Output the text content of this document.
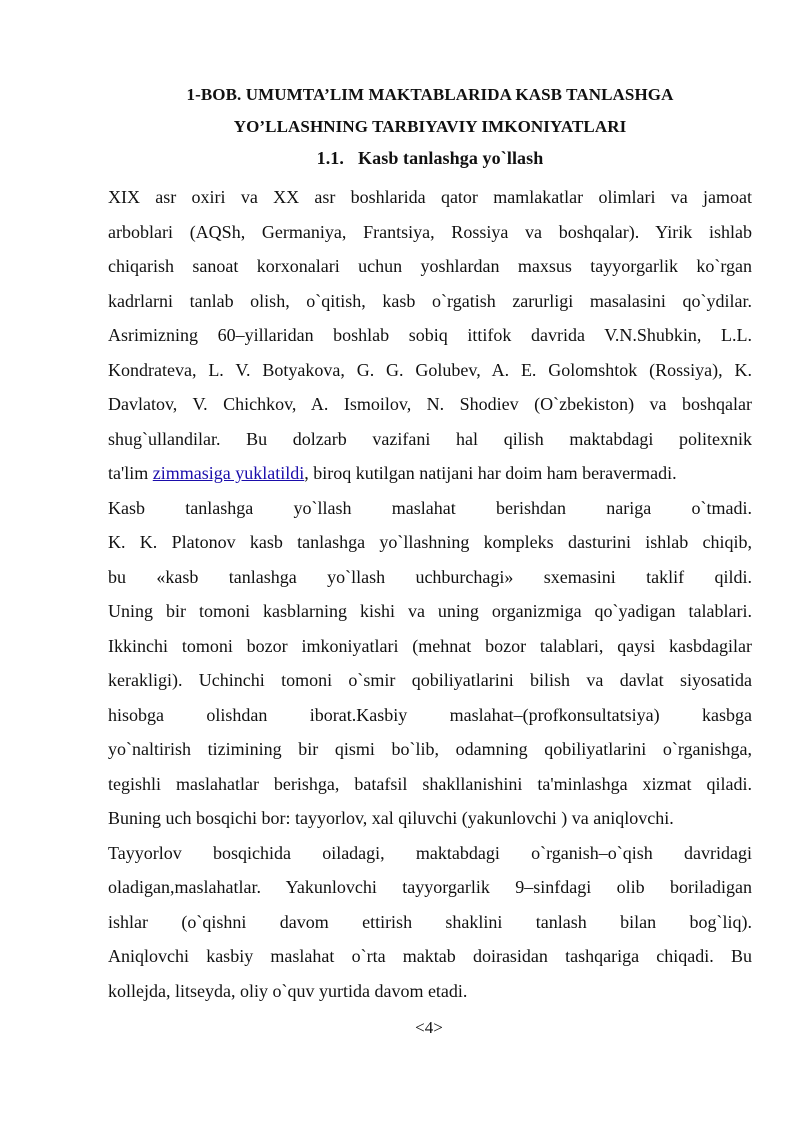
1-BOB. UMUMTA’LIM MAKTABLARIDA KASB TANLASHGA
YO’LLASHNING TARBIYAVIY IMKONIYATLARI
1.1. Kasb tanlashga yo`llash
XIX asr oxiri va XX asr boshlarida qator mamlakatlar olimlari va jamoat
arboblari (AQSh, Germaniya, Frantsiya, Rossiya va boshqalar). Yirik ishlab
chiqarish sanoat korxonalari uchun yoshlardan maxsus tayyorgarlik ko`rgan
kadrlarni tanlab olish, o`qitish, kasb o`rgatish zarurligi masalasini qo`ydilar.
Asrimizning 60–yillaridan boshlab sobiq ittifok davrida V.N.Shubkin, L.L.
Kondrateva, L. V. Botyakova, G. G. Golubev, A. E. Golomshtok (Rossiya), K.
Davlatov, V. Chichkov, A. Ismoilov, N. Shodiev (O`zbekiston) va boshqalar
shug`ullandilar. Bu dolzarb vazifani hal qilish maktabdagi politexnik
ta'lim zimmasiga yuklatildi, biroq kutilgan natijani har doim ham beravermadi.
Kasb tanlashga yo`llash maslahat berishdan nariga o`tmadi.
K. K. Platonov kasb tanlashga yo`llashning kompleks dasturini ishlab chiqib,
bu «kasb tanlashga yo`llash uchburchagi» sxemasini taklif qildi.
Uning bir tomoni kasblarning kishi va uning organizmiga qo`yadigan talablari.
Ikkinchi tomoni bozor imkoniyatlari (mehnat bozor talablari, qaysi kasbdagilar
kerakligi). Uchinchi tomoni o`smir qobiliyatlarini bilish va davlat siyosatida
hisobga olishdan iborat.Kasbiy maslahat–(profkonsultatsiya) kasbga
yo`naltirish tizimining bir qismi bo`lib, odamning qobiliyatlarini o`rganishga,
tegishli maslahatlar berishga, batafsil shakllanishini ta'minlashga xizmat qiladi.
Buning uch bosqichi bor: tayyorlov, xal qiluvchi (yakunlovchi ) va aniqlovchi.
Tayyorlov bosqichida oiladagi, maktabdagi o`rganish–o`qish davridagi
oladigan,maslahatlar. Yakunlovchi tayyorgarlik 9–sinfdagi olib boriladigan
ishlar (o`qishni davom ettirish shaklini tanlash bilan bog`liq).
Aniqlovchi kasbiy maslahat o`rta maktab doirasidan tashqariga chiqadi. Bu
kollejda, litseyda, oliy o`quv yurtida davom etadi.
<4>
